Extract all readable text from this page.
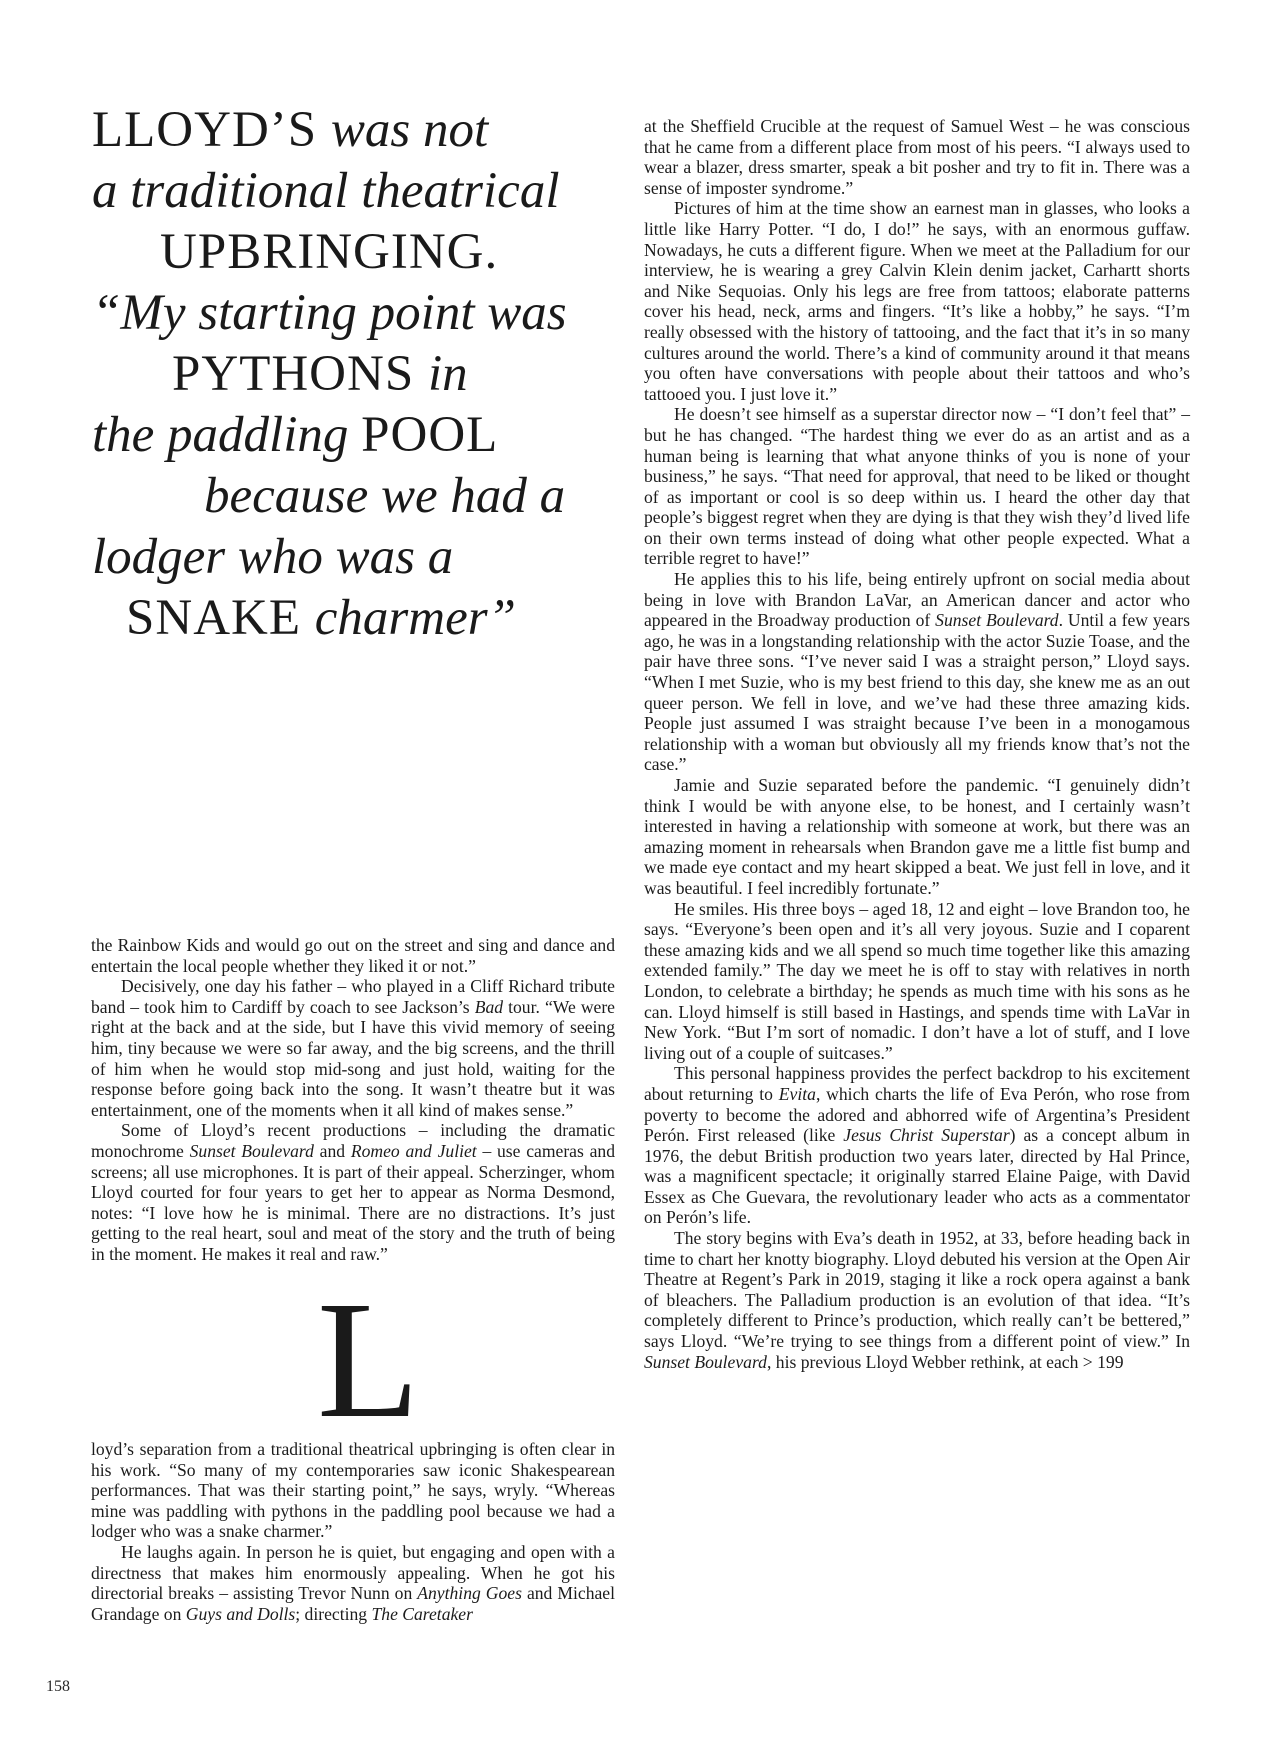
LLOYD’S was not
a traditional theatrical
UPBRINGING.
“My starting point was
PYTHONS in
the paddling POOL
because we had a
lodger who was a
SNAKE charmer”

the Rainbow Kids and would go out on the street and sing and dance and entertain the local people whether they liked it or not.”

Decisively, one day his father – who played in a Cliff Richard tribute band – took him to Cardiff by coach to see Jackson’s Bad tour. “We were right at the back and at the side, but I have this vivid memory of seeing him, tiny because we were so far away, and the big screens, and the thrill of him when he would stop mid-song and just hold, waiting for the response before going back into the song. It wasn’t theatre but it was entertainment, one of the moments when it all kind of makes sense.”

Some of Lloyd’s recent productions – including the dramatic monochrome Sunset Boulevard and Romeo and Juliet – use cameras and screens; all use microphones. It is part of their appeal. Scherzinger, whom Lloyd courted for four years to get her to appear as Norma Desmond, notes: “I love how he is minimal. There are no distractions. It’s just getting to the real heart, soul and meat of the story and the truth of being in the moment. He makes it real and raw.”

L

loyd’s separation from a traditional theatrical upbringing is often clear in his work. “So many of my contemporaries saw iconic Shakespearean performances. That was their starting point,” he says, wryly. “Whereas mine was paddling with pythons in the paddling pool because we had a lodger who was a snake charmer.”

He laughs again. In person he is quiet, but engaging and open with a directness that makes him enormously appealing. When he got his directorial breaks – assisting Trevor Nunn on Anything Goes and Michael Grandage on Guys and Dolls; directing The Caretaker

at the Sheffield Crucible at the request of Samuel West – he was conscious that he came from a different place from most of his peers. “I always used to wear a blazer, dress smarter, speak a bit posher and try to fit in. There was a sense of imposter syndrome.”

Pictures of him at the time show an earnest man in glasses, who looks a little like Harry Potter. “I do, I do!” he says, with an enormous guffaw. Nowadays, he cuts a different figure. When we meet at the Palladium for our interview, he is wearing a grey Calvin Klein denim jacket, Carhartt shorts and Nike Sequoias. Only his legs are free from tattoos; elaborate patterns cover his head, neck, arms and fingers. “It’s like a hobby,” he says. “I’m really obsessed with the history of tattooing, and the fact that it’s in so many cultures around the world. There’s a kind of community around it that means you often have conversations with people about their tattoos and who’s tattooed you. I just love it.”

He doesn’t see himself as a superstar director now – “I don’t feel that” – but he has changed. “The hardest thing we ever do as an artist and as a human being is learning that what anyone thinks of you is none of your business,” he says. “That need for approval, that need to be liked or thought of as important or cool is so deep within us. I heard the other day that people’s biggest regret when they are dying is that they wish they’d lived life on their own terms instead of doing what other people expected. What a terrible regret to have!”

He applies this to his life, being entirely upfront on social media about being in love with Brandon LaVar, an American dancer and actor who appeared in the Broadway production of Sunset Boulevard. Until a few years ago, he was in a longstanding relationship with the actor Suzie Toase, and the pair have three sons. “I’ve never said I was a straight person,” Lloyd says. “When I met Suzie, who is my best friend to this day, she knew me as an out queer person. We fell in love, and we’ve had these three amazing kids. People just assumed I was straight because I’ve been in a monogamous relationship with a woman but obviously all my friends know that’s not the case.”

Jamie and Suzie separated before the pandemic. “I genuinely didn’t think I would be with anyone else, to be honest, and I certainly wasn’t interested in having a relationship with someone at work, but there was an amazing moment in rehearsals when Brandon gave me a little fist bump and we made eye contact and my heart skipped a beat. We just fell in love, and it was beautiful. I feel incredibly fortunate.”

He smiles. His three boys – aged 18, 12 and eight – love Brandon too, he says. “Everyone’s been open and it’s all very joyous. Suzie and I coparent these amazing kids and we all spend so much time together like this amazing extended family.” The day we meet he is off to stay with relatives in north London, to celebrate a birthday; he spends as much time with his sons as he can. Lloyd himself is still based in Hastings, and spends time with LaVar in New York. “But I’m sort of nomadic. I don’t have a lot of stuff, and I love living out of a couple of suitcases.”

This personal happiness provides the perfect backdrop to his excitement about returning to Evita, which charts the life of Eva Perón, who rose from poverty to become the adored and abhorred wife of Argentina’s President Perón. First released (like Jesus Christ Superstar) as a concept album in 1976, the debut British production two years later, directed by Hal Prince, was a magnificent spectacle; it originally starred Elaine Paige, with David Essex as Che Guevara, the revolutionary leader who acts as a commentator on Perón’s life.

The story begins with Eva’s death in 1952, at 33, before heading back in time to chart her knotty biography. Lloyd debuted his version at the Open Air Theatre at Regent’s Park in 2019, staging it like a rock opera against a bank of bleachers. The Palladium production is an evolution of that idea. “It’s completely different to Prince’s production, which really can’t be bettered,” says Lloyd. “We’re trying to see things from a different point of view.” In Sunset Boulevard, his previous Lloyd Webber rethink, at each > 199

158
